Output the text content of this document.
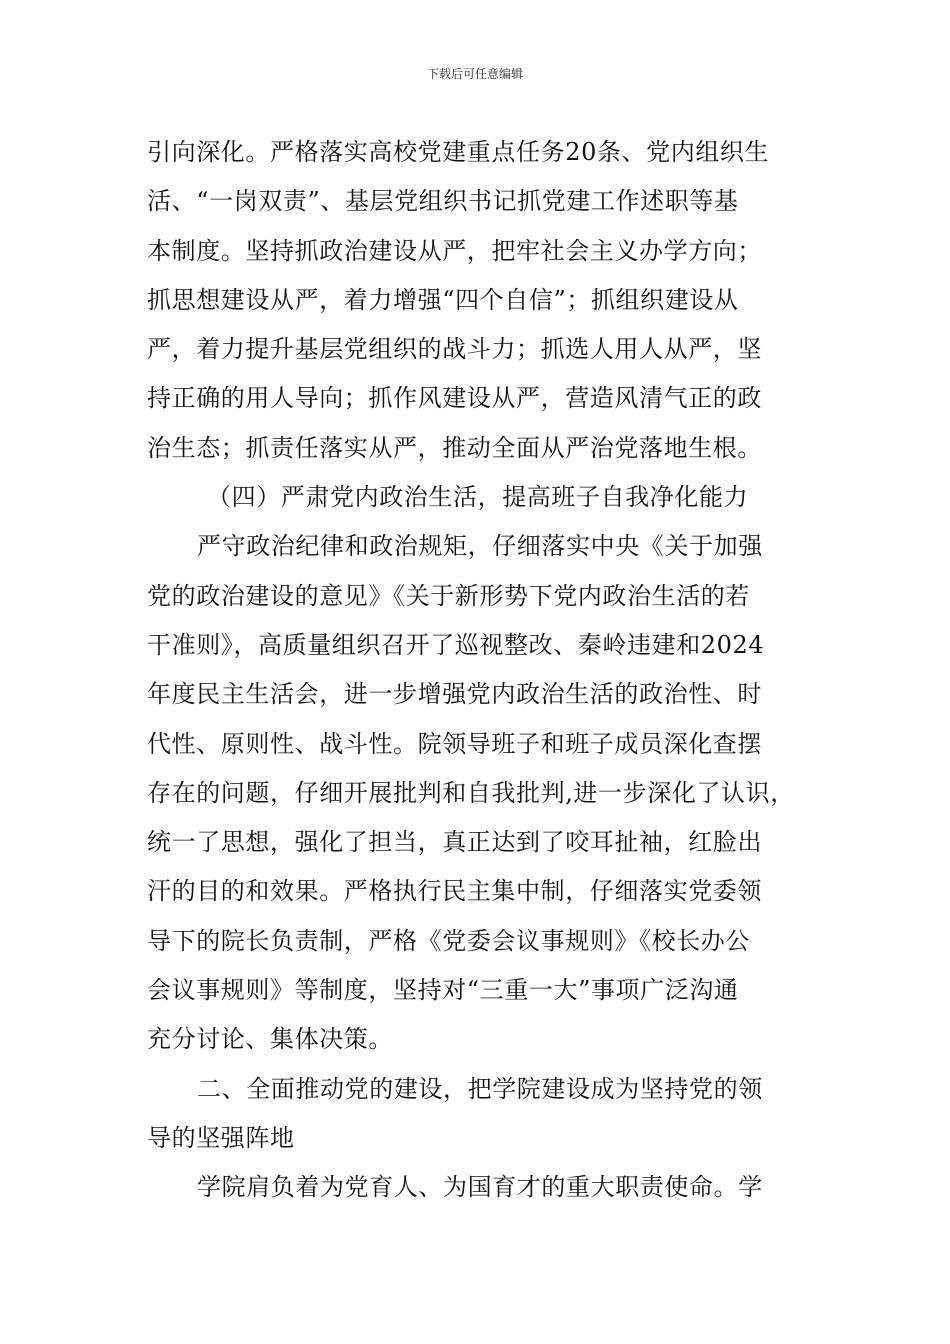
下载后可任意编辑
引向深化。严格落实高校党建重点任务20条、党内组织生
活、“一岗双责”、基层党组织书记抓党建工作述职等基
本制度。坚持抓政治建设从严，把牢社会主义办学方向；
抓思想建设从严，着力增强“四个自信”；抓组织建设从
严，着力提升基层党组织的战斗力；抓选人用人从严，坚
持正确的用人导向；抓作风建设从严，营造风清气正的政
治生态；抓责任落实从严，推动全面从严治党落地生根。
（四）严肃党内政治生活，提高班子自我净化能力
严守政治纪律和政治规矩，仔细落实中央《关于加强
党的政治建设的意见》《关于新形势下党内政治生活的若
干准则》，高质量组织召开了巡视整改、秦岭违建和2024
年度民主生活会，进一步增强党内政治生活的政治性、时
代性、原则性、战斗性。院领导班子和班子成员深化查摆
存在的问题，仔细开展批判和自我批判,进一步深化了认识，
统一了思想，强化了担当，真正达到了咬耳扯袖，红脸出
汗的目的和效果。严格执行民主集中制，仔细落实党委领
导下的院长负责制，严格《党委会议事规则》《校长办公
会议事规则》等制度，坚持对“三重一大”事项广泛沟通
充分讨论、集体决策。
二、全面推动党的建设，把学院建设成为坚持党的领
导的坚强阵地
学院肩负着为党育人、为国育才的重大职责使命。学
